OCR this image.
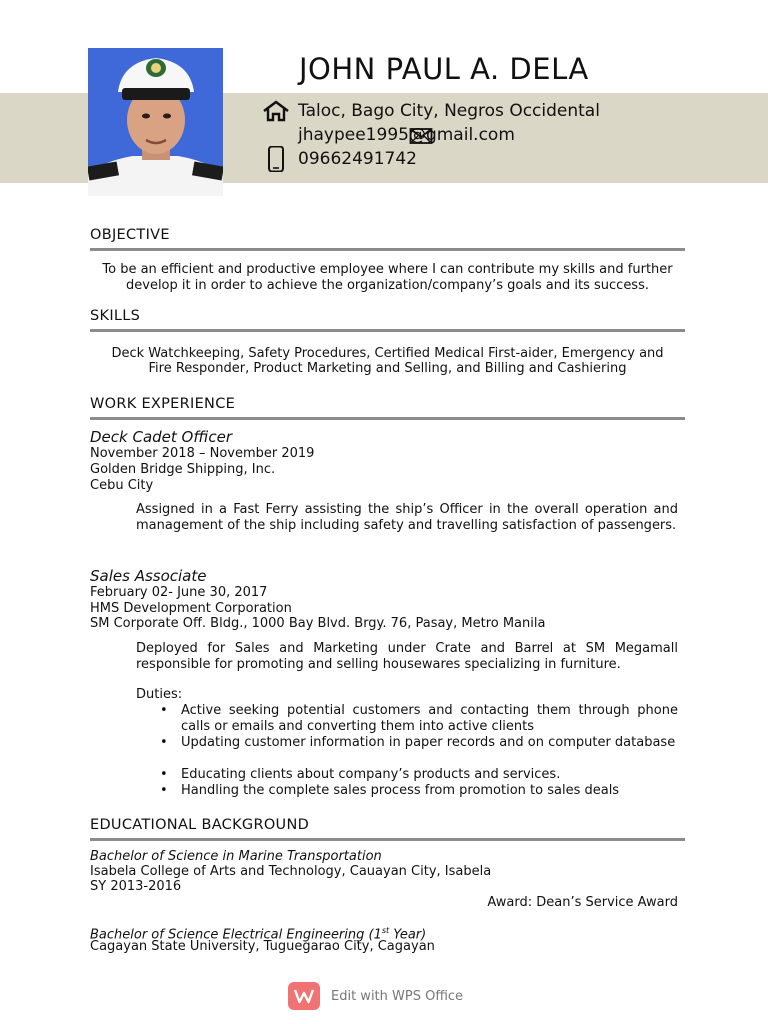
JOHN PAUL A. DELA
Taloc, Bago City, Negros Occidental
jhaypee1995@gmail.com
09662491742
OBJECTIVE
To be an efficient and productive employee where I can contribute my skills and further
develop it in order to achieve the organization/company’s goals and its success.
SKILLS
Deck Watchkeeping, Safety Procedures, Certified Medical First-aider, Emergency and
Fire Responder, Product Marketing and Selling, and Billing and Cashiering
WORK EXPERIENCE
Deck Cadet Officer
November 2018 – November 2019
Golden Bridge Shipping, Inc.
Cebu City
Assigned in a Fast Ferry assisting the ship’s Officer in the overall operation and management of the ship including safety and travelling satisfaction of passengers.
Sales Associate
February 02- June 30, 2017
HMS Development Corporation
SM Corporate Off. Bldg., 1000 Bay Blvd. Brgy. 76, Pasay, Metro Manila
Deployed for Sales and Marketing under Crate and Barrel at SM Megamall responsible for promoting and selling housewares specializing in furniture.
Duties:
•	Active seeking potential customers and contacting them through phone calls or emails and converting them into active clients
•	Updating customer information in paper records and on computer database
•	Educating clients about company’s products and services.
•	Handling the complete sales process from promotion to sales deals
EDUCATIONAL BACKGROUND
Bachelor of Science in Marine Transportation
Isabela College of Arts and Technology, Cauayan City, Isabela
SY 2013-2016
Award: Dean’s Service Award
Bachelor of Science Electrical Engineering (1st Year)
Cagayan State University, Tuguegarao City, Cagayan
Edit with WPS Office
